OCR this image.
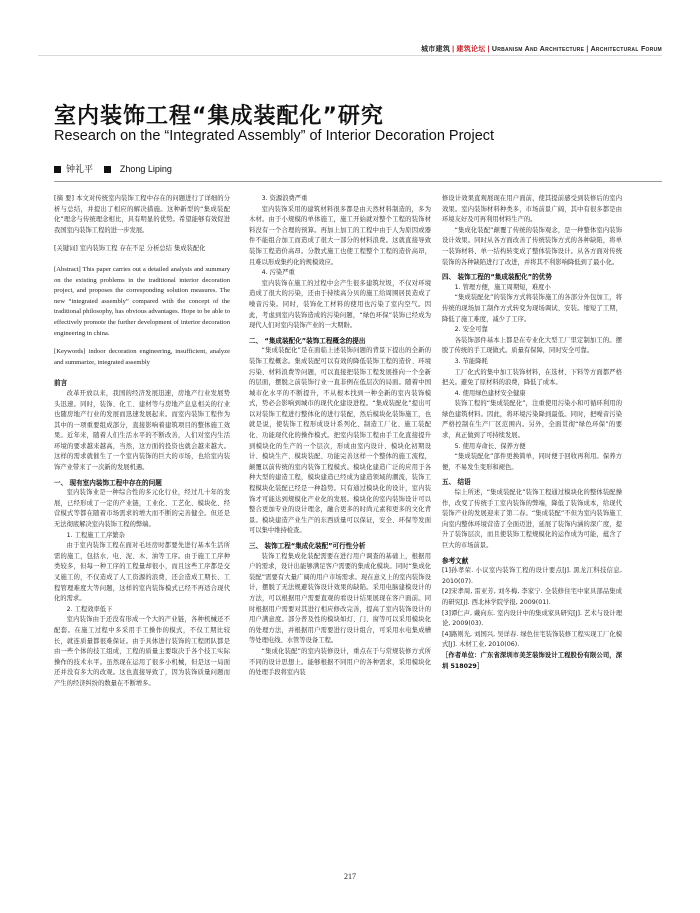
城市建筑 | 建筑论坛 | Urbanism And Architecture | Architectural Forum
室内装饰工程“集成装配化”研究
Research on the “Integrated Assembly” of Interior Decoration Project
钟礼平	Zhong Liping

[摘 要] 本文对传统室内装饰工程中存在的问题进行了详细的分析与总结，并提出了相应的解决措施。这种新型的“集成装配化”理念与传统理念相比，具有明显的优势。希望能够有效促进我国室内装饰工程的进一步发展。

[关键词] 室内装饰工程 存在不足 分析总结 集成装配化

[Abstract] This paper carries out a detailed analysis and summary on the existing problems in the traditional interior decoration project, and proposes the corresponding solution measures. The new “integrated assembly” compared with the concept of the traditional philosophy, has obvious advantages. Hope to be able to effectively promote the further development of interior decoration engineering in china.

[Keywords] indoor decoration engineering, insufficient, analyze and summarize, integrated assembly

前言

改革开放以来，我国的经济发展迅速，房地产行业发展势头迅速。同时，装饰、化工、建材等与房地产息息相关的行业也随房地产行业的发展而迅速发展起来。而室内装饰工程作为其中的一项重要组成部分，直接影响着建筑项目的整体施工效果。近年来，随着人们生活水平的不断改善，人们对室内生活环境的要求越来越高，当然，这方面的投资也就会越来越大。这样的需求就催生了一个室内装饰的巨大的市场，也给室内装饰产业带来了一次新的发展机遇。

一、 现有室内装饰工程中存在的问题

室内装饰业是一种综合性的多元化行业，经过几十年的发展，已经形成了一定的产业链，工业化、工艺化、模块化、经营模式等都在随着市场需求的增大而不断的完善健全。但还是无法彻底解决室内装饰工程的弊端。

1. 工程施工工序繁杂

由于室内装饰工程在面对毛坯房时都要先进行基本生活所需的施工，包括水、电、泥、木、油等工序。由于施工工序种类较多，但每一种工序的工程量却很小，而且这些工序都是交叉施工的，不仅造成了人工资源的浪费，还会造成工期长、工程管理难度大等问题，这样的室内装饰模式已经不再适合现代化的需求。

2. 工程效率低下

室内装饰由于还没有形成一个大的产业链，各种机械还不配套。在施工过程中多采用手工操作的模式，不仅工期比较长，就连质量都很难保证。由于具体进行装饰的工程团队都是由一些个体的技工组成，工程的质量主要取决于各个技工实际操作的技术水平。虽然现在运用了很多小机械，但是这一局面还并没有多大的改观。这也直接导致了，因为装饰质量问题而产生的经济纠纷的数量在不断增多。

3. 资源浪费严重

室内装饰采用的建筑材料很多都是由天然材料制造的，多为木材。由于小规模的单体施工，施工开始就对整个工程的装饰材料没有一个合理的预算。再加上加工的工程中由于人为原因或器件不能组合加工而造成了很大一部分的材料浪费。这就直接导致装饰工程造价高昂。分散式施工也使工程整个工程的造价高昂，且难以形成集约化的规模效应。

4. 污染严重

室内装饰在施工的过程中会产生很多建筑垃圾，不仅对环境造成了很大的污染，还由于持续高分贝的施工给周围居民造成了噪音污染。同时，装饰化工材料的使用也污染了室内空气。因此，考虑到室内装饰造成的污染问题，“绿色环保”装饰已经成为现代人们对室内装饰产业的一大期盼。

二、 “集成装配化”装饰工程概念的提出

“集成装配化”是在面临上述装饰问题的背景下提出的全新的装饰工程概念。集成装配可以有效的降低装饰工程的造价、环境污染、材料浪费等问题，可以直接把装饰工程发展推向一个全新的层面，摆脱之前装饰行业一直非例在低层次的局面。随着中国城市化水平的不断提升，不从根本找到一种全新的室内装饰模式，势必会影响到城市的现代化建设进程。“集成装配化”提出可以对装饰工程进行整体化的进行装配，然后模块化装饰施工，也就是说，使装饰工程形成设计系列化、制造工厂化、施工装配化、功能现代化的操作模式。把室内装饰工程由手工化直接提升到模块化的生产的一个层次，形成由室内设计、模块化初期设计、模块生产、模块装配、功能完善这样一个整体的施工流程，颠覆以前传统的室内装饰工程模式。模块化建造广泛的应用于各种大型的建造工程，模块建造已经成为建造领域的潮流，装饰工程模块化装配已经是一种趋势。只有通过模块化的设计，室内装饰才可能达到规模化产业化的发展。模块化的室内装饰设计可以整合更加专业的设计理念，融合更多的时尚元素和更多的文化背景。模块建造产业生产的东西质量可以保证，安全、环保等发面可以集中维持检查。

三、 装饰工程“集成化装配”可行性分析

装饰工程集成化装配需要在进行用户调查的基础上，根据用户的需求，设计出能够满足客户需要的集成化模块。同时“集成化装配”需要有大量广阔的用户市场需求。现在意义上的室内装饰设计，摆脱了无法规避装饰设计效果的缺陷。采用电脑建模设计的方法，可以根据用户需要直观的看设计结果展现在客户面前。同时根据用户需要对其进行相应修改完善，提高了室内装饰设计的用户满意度。部分普及性的模块如灯、门、窗等可以采用模块化的处理方法，并根据用户需要进行设计组合，可采用水电集成槽等处理电线、水管等设备工程。

“集成化装配”的室内装修设计，重点在于与常规装修方式所不同的设计思想上。能够根据不同用户的各种需求，采用模块化的处理手段将室内装

修设计效果直观展现在用户面前，使其提前感受到装修后的室内效果。室内装饰材料种类多，市场前景广阔，其中有很多都是由环境友好及可再利用材料生产的。

“集成化装配”颠覆了传统的装饰观念，是一种整体室内装饰设计效果。同时从各方面改善了传统装饰方式的各种缺陷，将单一装饰材料、单一结构转变成了整体装饰设计。从各方面对传统装饰的各种缺陷进行了改进，并将其不利影响降低到了最小化。

四、 装饰工程的“集成装配化”的优势

1. 管理方便，施工周期短，难度小

“集成装配化”的装饰方式将装饰施工的各部分外包加工，将传统的现场加工制作方式转变为现场调试、安装。缩短了工期，降低了施工难度，减少了工序。

2. 安全可靠

各装饰部件基本上都是在专业化大型工厂里定制加工的。摆脱了传统的手工现做式。质量有保障，同时安全可靠。

3. 节能降耗

工厂化式的集中加工装饰材料，在选材、下料等方面都严格把关。避免了原材料的浪费，降低了成本。

4. 使用绿色建材安全健康

装饰工程的“集成装配化”，注重使用污染小和可循环利用的绿色建筑材料。因此，将环境污染降到最低。同时，把噪音污染严格控制在生产厂区范围内。另外，全面贯彻“绿色环保”的要求，真正做到了可持续发展。

5. 使用寿命长、保养方便

“集成装配化”部件更换简单，同时便于回收再利用。保养方便，不易发生变形和褪色。

五、 结语

综上所述，“集成装配化”装饰工程通过模块化的整体装配操作，改变了传统手工室内装饰的弊端，降低了装饰成本，给现代装饰产业的发展迎来了第二春。“集成装配”不但为室内装饰施工向室内整体环境营造了全面迈进，延展了装饰内涵的深广度，提升了装饰层次，而且使装饰工程规模化的运作成为可能，蕴含了巨大的市场前景。

参考文献

[1]孙孝荣. 小议室内装饰工程的设计要点[J]. 黑龙江科技信息, 2010(07).

[2]宋孝周, 雷亚芳, 刘冬梅, 李家宁. 全装修住宅中家具部品集成的研究[J]. 西北林学院学报, 2009(01).

[3]谭仁声, 戴向东. 室内设计中的集成家具研究[J]. 艺术与设计理论, 2009(03).

[4]路则光, 刘国兴, 吴详春. 绿色住宅装饰装修工程实现工厂化模式[J]. 木材工业, 2010(06).

［作者单位：广东省深圳市美芝装饰设计工程股份有限公司，深圳 518029］

217
